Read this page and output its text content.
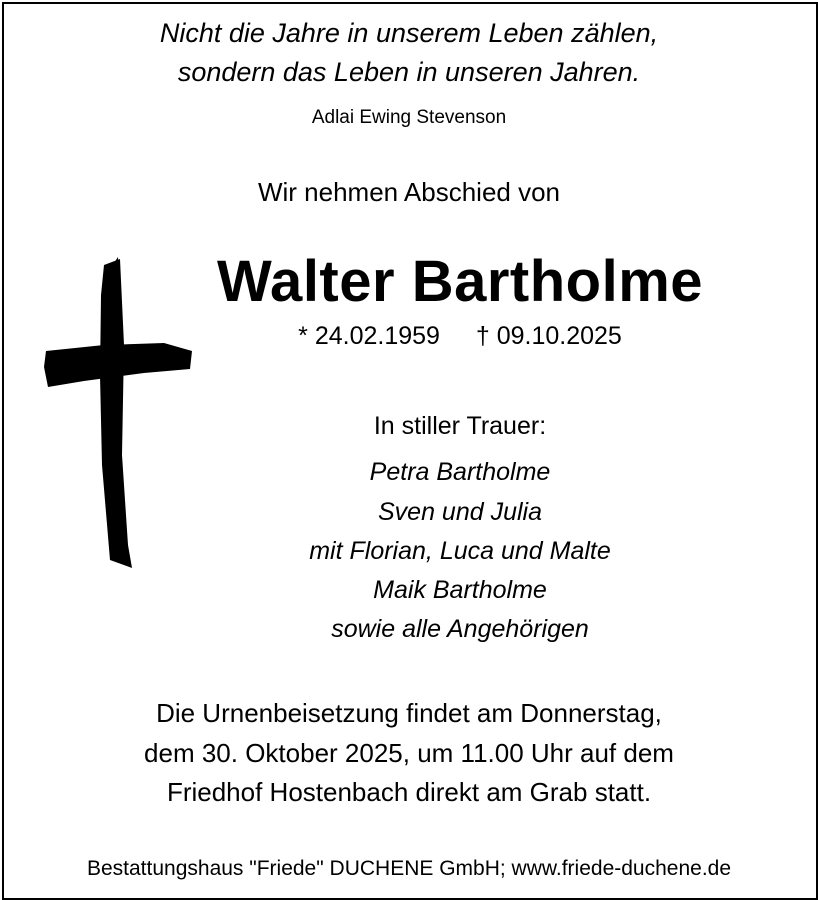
Nicht die Jahre in unserem Leben zählen,
sondern das Leben in unseren Jahren.
Adlai Ewing Stevenson
Wir nehmen Abschied von
Walter Bartholme
* 24.02.1959 † 09.10.2025
In stiller Trauer:
Petra Bartholme
Sven und Julia
mit Florian, Luca und Malte
Maik Bartholme
sowie alle Angehörigen
Die Urnenbeisetzung findet am Donnerstag,
dem 30. Oktober 2025, um 11.00 Uhr auf dem
Friedhof Hostenbach direkt am Grab statt.
Bestattungshaus "Friede" DUCHENE GmbH; www.friede-duchene.de
